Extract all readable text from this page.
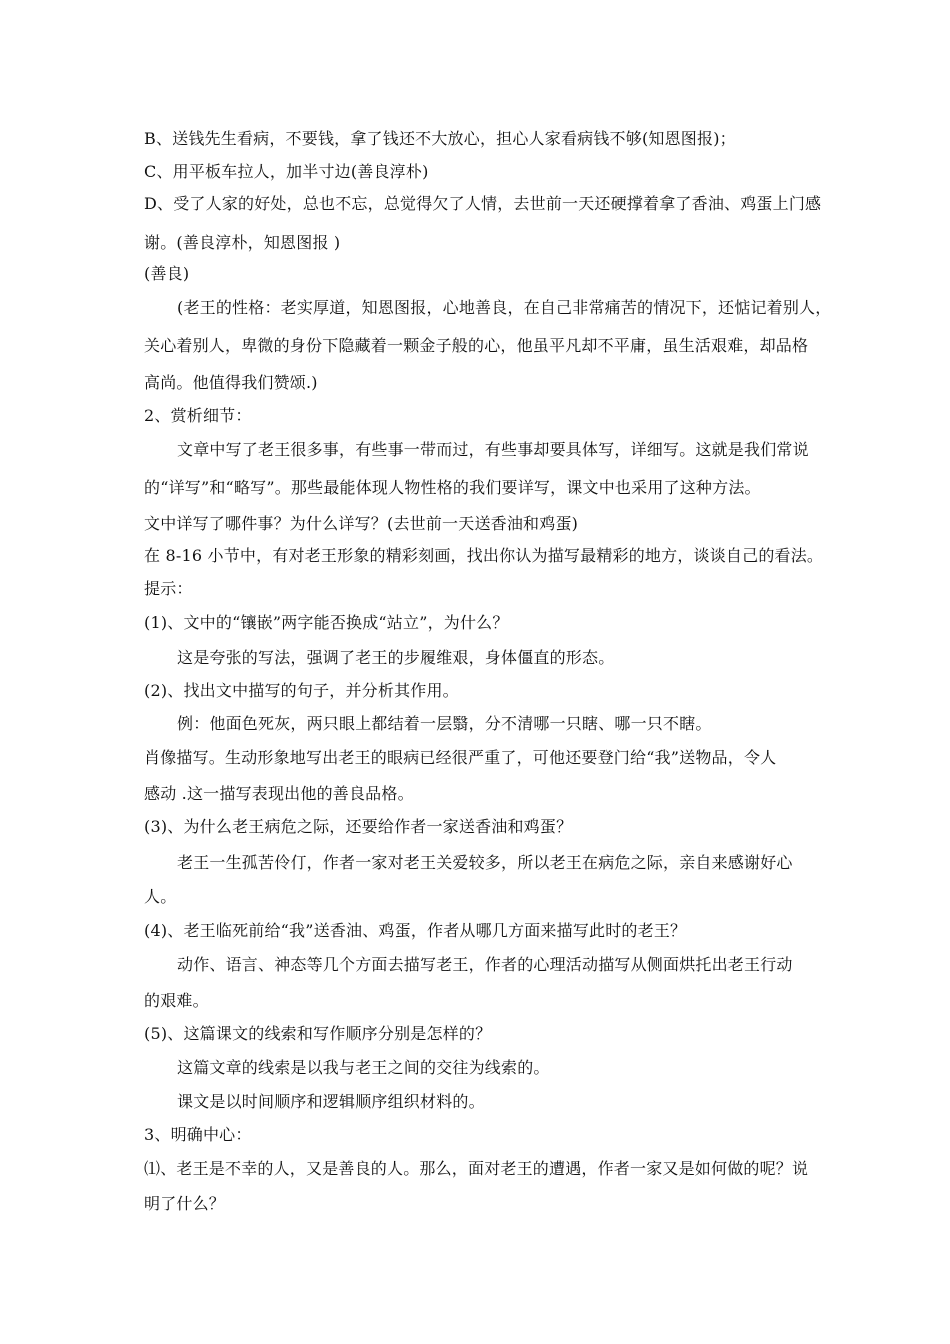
B、送钱先生看病，不要钱，拿了钱还不大放心，担心人家看病钱不够(知恩图报)；
C、用平板车拉人，加半寸边(善良淳朴)
D、受了人家的好处，总也不忘，总觉得欠了人情，去世前一天还硬撑着拿了香油、鸡蛋上门感
谢。(善良淳朴，知恩图报 )
(善良)
(老王的性格：老实厚道，知恩图报，心地善良，在自己非常痛苦的情况下，还惦记着别人，
关心着别人，卑微的身份下隐藏着一颗金子般的心，他虽平凡却不平庸，虽生活艰难，却品格
高尚。他值得我们赞颂.)
2、赏析细节：
文章中写了老王很多事，有些事一带而过，有些事却要具体写，详细写。这就是我们常说
的“详写”和“略写”。那些最能体现人物性格的我们要详写，课文中也采用了这种方法。
文中详写了哪件事？为什么详写？(去世前一天送香油和鸡蛋)
在 8-16 小节中，有对老王形象的精彩刻画，找出你认为描写最精彩的地方，谈谈自己的看法。
提示：
(1)、文中的“镶嵌”两字能否换成“站立”，为什么？
这是夸张的写法，强调了老王的步履维艰，身体僵直的形态。
(2)、找出文中描写的句子，并分析其作用。
例：他面色死灰，两只眼上都结着一层翳，分不清哪一只瞎、哪一只不瞎。
肖像描写。生动形象地写出老王的眼病已经很严重了，可他还要登门给“我”送物品，令人
感动 .这一描写表现出他的善良品格。
(3)、为什么老王病危之际，还要给作者一家送香油和鸡蛋？
老王一生孤苦伶仃，作者一家对老王关爱较多，所以老王在病危之际，亲自来感谢好心
人。
(4)、老王临死前给“我”送香油、鸡蛋，作者从哪几方面来描写此时的老王？
动作、语言、神态等几个方面去描写老王，作者的心理活动描写从侧面烘托出老王行动
的艰难。
(5)、这篇课文的线索和写作顺序分别是怎样的？
这篇文章的线索是以我与老王之间的交往为线索的。
课文是以时间顺序和逻辑顺序组织材料的。
3、明确中心：
⑴、老王是不幸的人，又是善良的人。那么，面对老王的遭遇，作者一家又是如何做的呢？说
明了什么？
